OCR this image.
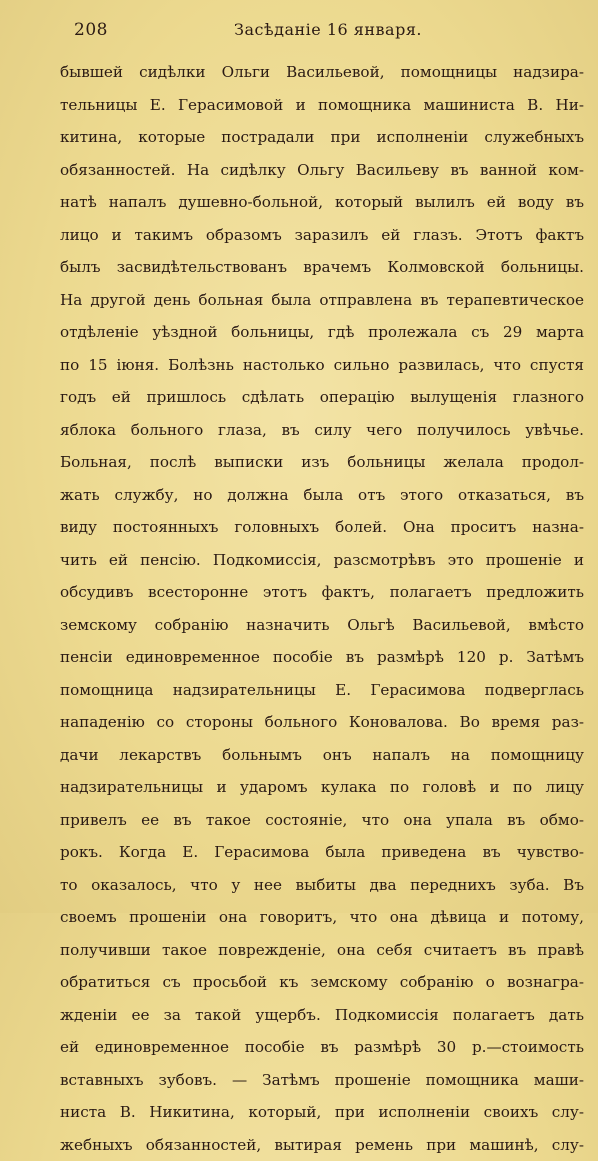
208	Засѣданіе 16 января.
бывшей сидѣлки Ольги Васильевой, помощницы надзира-
тельницы Е. Герасимовой и помощника машиниста В. Ни-
китина, которые пострадали при исполненіи служебныхъ
обязанностей. На сидѣлку Ольгу Васильеву въ ванной ком-
натѣ напалъ душевно-больной, который вылилъ ей воду въ
лицо и такимъ образомъ заразилъ ей глазъ. Этотъ фактъ
былъ засвидѣтельствованъ врачемъ Колмовской больницы.
На другой день больная была отправлена въ терапевтическое
отдѣленіе уѣздной больницы, гдѣ пролежала съ 29 марта
по 15 іюня. Болѣзнь настолько сильно развилась, что спустя
годъ ей пришлось сдѣлать операцію вылущенія глазного
яблока больного глаза, въ силу чего получилось увѣчье.
Больная, послѣ выписки изъ больницы желала продол-
жать службу, но должна была отъ этого отказаться, въ
виду постоянныхъ головныхъ болей. Она проситъ назна-
чить ей пенсію. Подкомиссія, разсмотрѣвъ это прошеніе и
обсудивъ всесторонне этотъ фактъ, полагаетъ предложить
земскому собранію назначить Ольгѣ Васильевой, вмѣсто
пенсіи единовременное пособіе въ размѣрѣ 120 р. Затѣмъ
помощница надзирательницы Е. Герасимова подверглась
нападенію со стороны больного Коновалова. Во время раз-
дачи лекарствъ больнымъ онъ напалъ на помощницу
надзирательницы и ударомъ кулака по головѣ и по лицу
привелъ ее въ такое состояніе, что она упала въ обмо-
рокъ. Когда Е. Герасимова была приведена въ чувство-
то оказалось, что у нее выбиты два переднихъ зуба. Въ
своемъ прошеніи она говоритъ, что она дѣвица и потому,
получивши такое поврежденіе, она себя считаетъ въ правѣ
обратиться съ просьбой къ земскому собранію о вознагра-
жденіи ее за такой ущербъ. Подкомиссія полагаетъ дать
ей единовременное пособіе въ размѣрѣ 30 р.—стоимость
вставныхъ зубовъ. — Затѣмъ прошеніе помощника маши-
ниста В. Никитина, который, при исполненіи своихъ слу-
жебныхъ обязанностей, вытирая ремень при машинѣ, слу-
